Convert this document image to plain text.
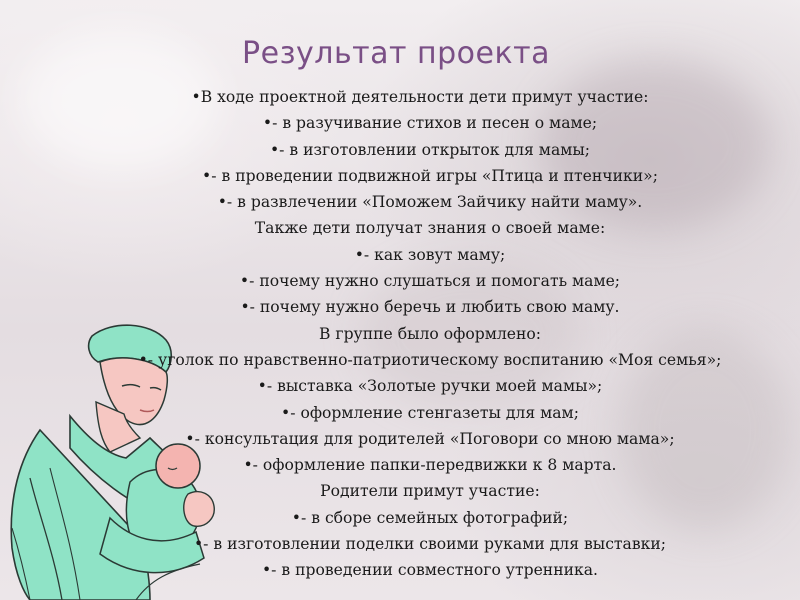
Результат проекта
•В ходе проектной деятельности дети примут участие:
•- в разучивание стихов и песен о маме;
•- в изготовлении открыток для мамы;
•- в проведении подвижной игры «Птица и птенчики»;
•- в развлечении «Поможем Зайчику найти маму».
Также дети получат знания о своей маме:
•- как зовут маму;
•- почему нужно слушаться и помогать маме;
•- почему нужно беречь и любить свою маму.
В группе было оформлено:
•- уголок по нравственно-патриотическому воспитанию «Моя семья»;
•- выставка «Золотые ручки моей мамы»;
•- оформление стенгазеты для мам;
•- консультация для родителей «Поговори со мною мама»;
•- оформление папки-передвижки к 8 марта.
Родители примут участие:
•- в сборе семейных фотографий;
•- в изготовлении поделки своими руками для выставки;
•- в проведении совместного утренника.
